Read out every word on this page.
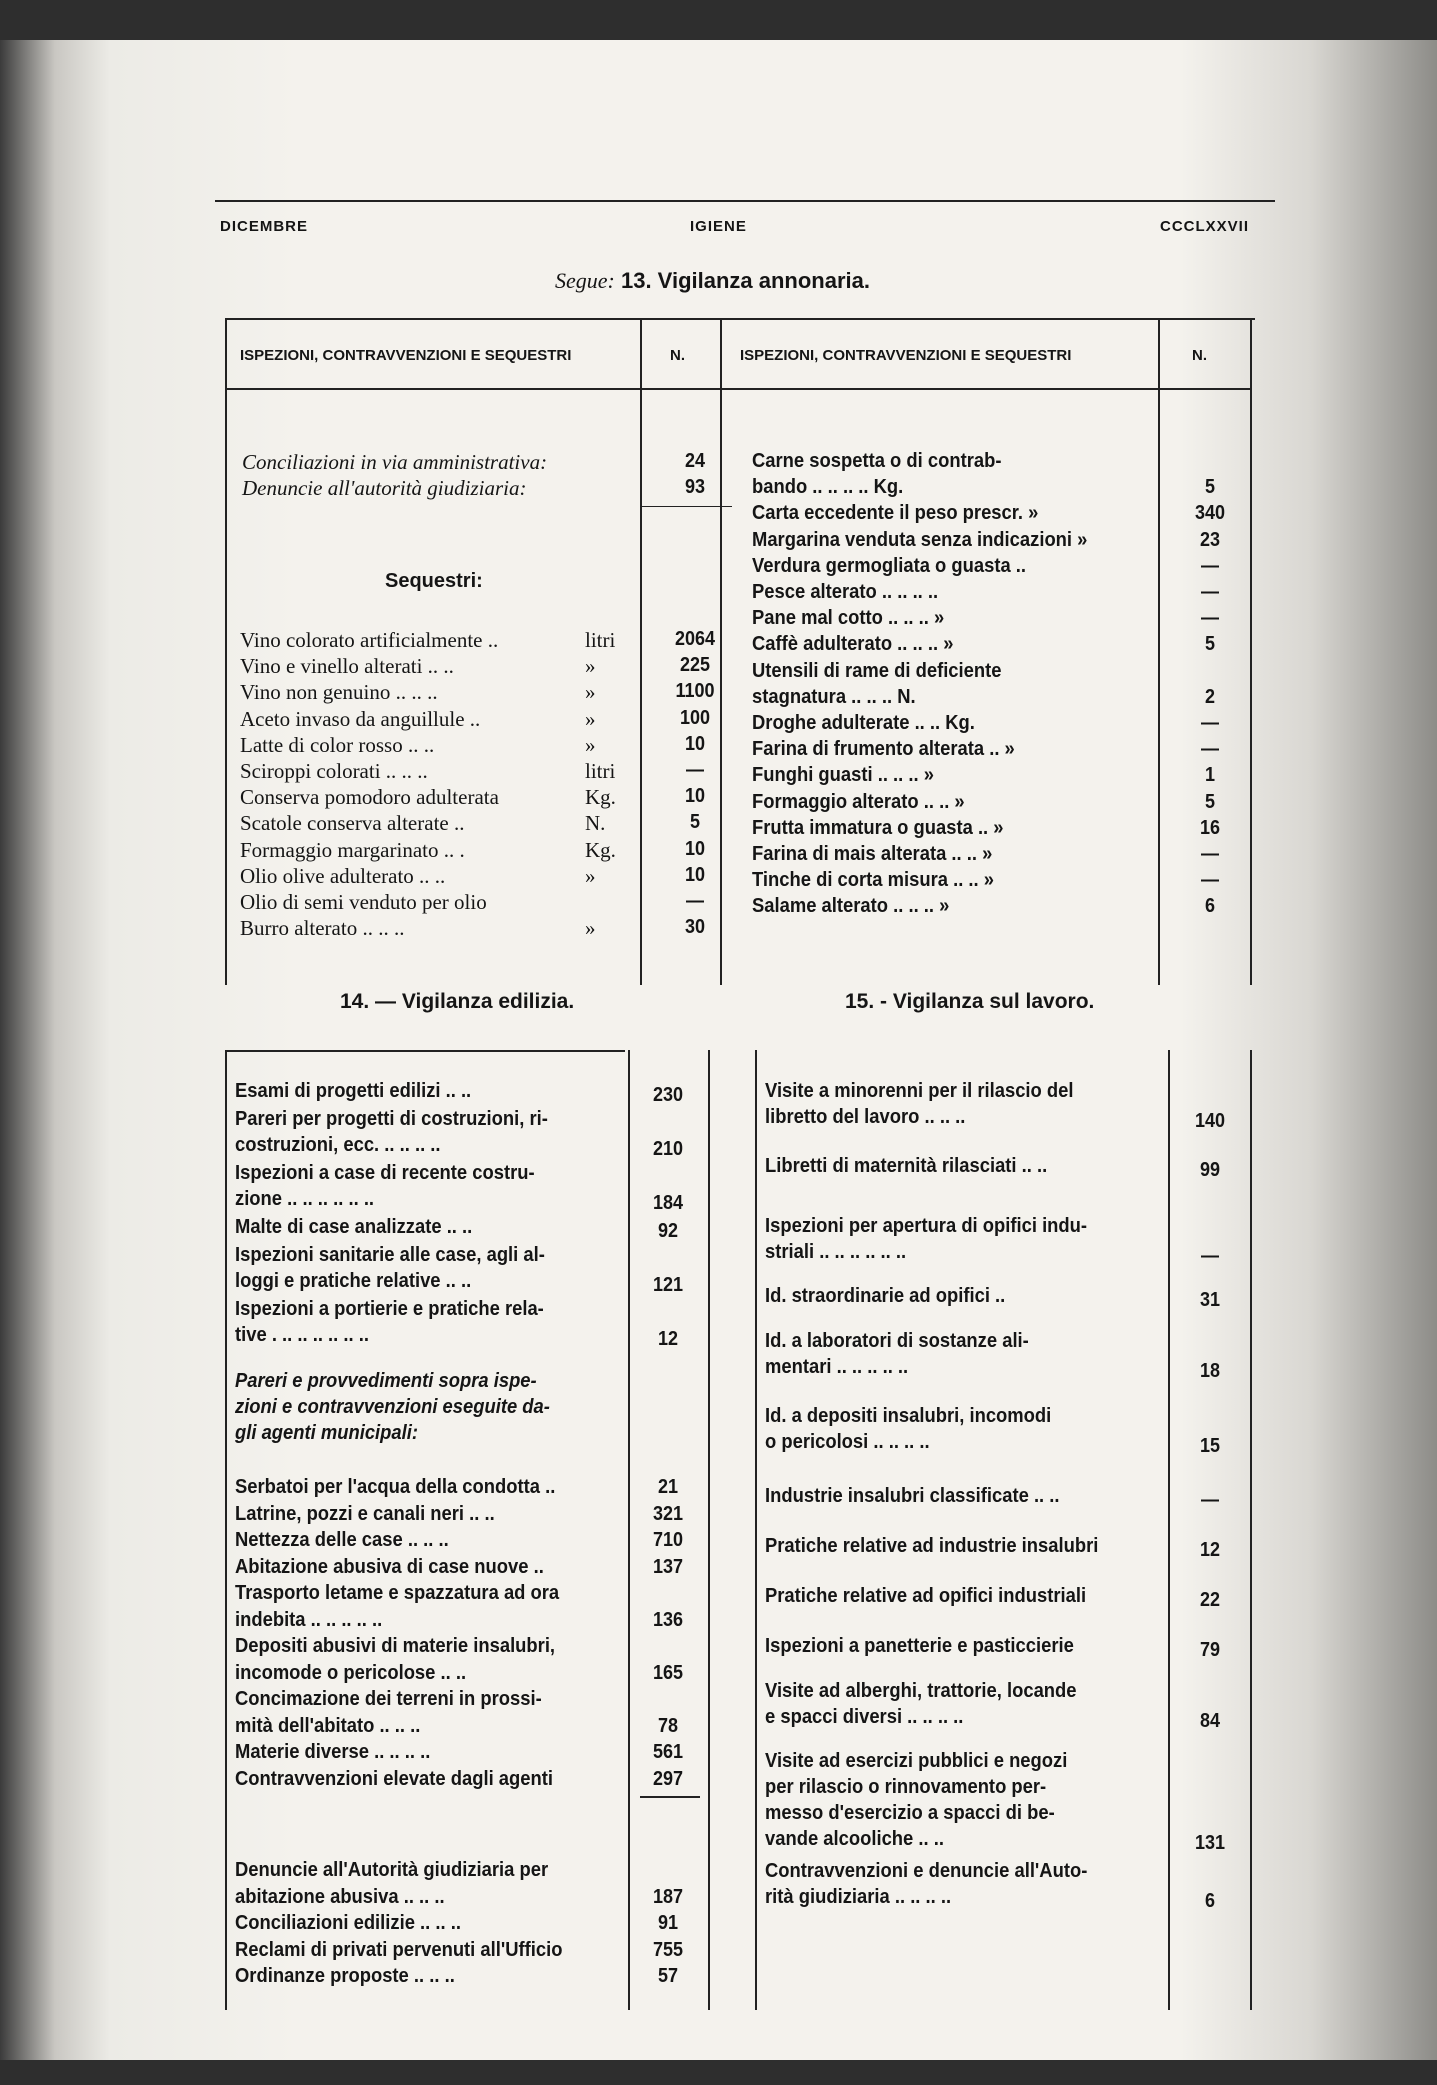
DICEMBRE	IGIENE	CCCLXXVII
Segue: 13. Vigilanza annonaria.
ISPEZIONI, CONTRAVVENZIONI E SEQUESTRI	N.	ISPEZIONI, CONTRAVVENZIONI E SEQUESTRI	N.
Conciliazioni in via amministrativa:	24
Denuncie all'autorità giudiziaria:	93
Sequestri:
Vino colorato artificialmente ..	litri	2064
Vino e vinello alterati .. ..	»	225
Vino non genuino .. .. ..	»	1100
Aceto invaso da anguillule ..	»	100
Latte di color rosso .. ..	»	10
Sciroppi colorati .. .. ..	litri	—
Conserva pomodoro adulterata	Kg.	10
Scatole conserva alterate ..	N.	5
Formaggio margarinato .. .	Kg.	10
Olio olive adulterato .. ..	»	10
Olio di semi venduto per olio	—
Burro alterato .. .. ..	»	30
Carne sospetta o di contrab-
bando .. .. .. .. Kg.	5
Carta eccedente il peso prescr. »	340
Margarina venduta senza indicazioni »	23
Verdura germogliata o guasta ..	—
Pesce alterato .. .. .. ..	—
Pane mal cotto .. .. .. »	—
Caffè adulterato .. .. .. »	5
Utensili di rame di deficiente
stagnatura .. .. .. N.	2
Droghe adulterate .. .. Kg.	—
Farina di frumento alterata .. »	—
Funghi guasti .. .. .. »	1
Formaggio alterato .. .. »	5
Frutta immatura o guasta .. »	16
Farina di mais alterata .. .. »	—
Tinche di corta misura .. .. »	—
Salame alterato .. .. .. »	6
14. — Vigilanza edilizia.	15. - Vigilanza sul lavoro.
Esami di progetti edilizi .. ..	230
Pareri per progetti di costruzioni, ri-
costruzioni, ecc. .. .. .. ..	210
Ispezioni a case di recente costru-
zione .. .. .. .. .. ..	184
Malte di case analizzate .. ..	92
Ispezioni sanitarie alle case, agli al-
loggi e pratiche relative .. ..	121
Ispezioni a portierie e pratiche rela-
tive . .. .. .. .. .. ..	12
Pareri e provvedimenti sopra ispe-
zioni e contravvenzioni eseguite da-
gli agenti municipali:
Serbatoi per l'acqua della condotta ..	21
Latrine, pozzi e canali neri .. ..	321
Nettezza delle case .. .. ..	710
Abitazione abusiva di case nuove ..	137
Trasporto letame e spazzatura ad ora
indebita .. .. .. .. ..	136
Depositi abusivi di materie insalubri,
incomode o pericolose .. ..	165
Concimazione dei terreni in prossi-
mità dell'abitato .. .. ..	78
Materie diverse .. .. .. ..	561
Contravvenzioni elevate dagli agenti	297
Denuncie all'Autorità giudiziaria per
abitazione abusiva .. .. ..	187
Conciliazioni edilizie .. .. ..	91
Reclami di privati pervenuti all'Ufficio	755
Ordinanze proposte .. .. ..	57
Visite a minorenni per il rilascio del
libretto del lavoro .. .. ..	140
Libretti di maternità rilasciati .. ..	99
Ispezioni per apertura di opifici indu-
striali .. .. .. .. .. ..	—
Id. straordinarie ad opifici ..	31
Id. a laboratori di sostanze ali-
mentari .. .. .. .. ..	18
Id. a depositi insalubri, incomodi
o pericolosi .. .. .. ..	15
Industrie insalubri classificate .. ..	—
Pratiche relative ad industrie insalubri	12
Pratiche relative ad opifici industriali	22
Ispezioni a panetterie e pasticcierie	79
Visite ad alberghi, trattorie, locande
e spacci diversi .. .. .. ..	84
Visite ad esercizi pubblici e negozi
per rilascio o rinnovamento per-
messo d'esercizio a spacci di be-
vande alcooliche .. ..	131
Contravvenzioni e denuncie all'Auto-
rità giudiziaria .. .. .. ..	6
